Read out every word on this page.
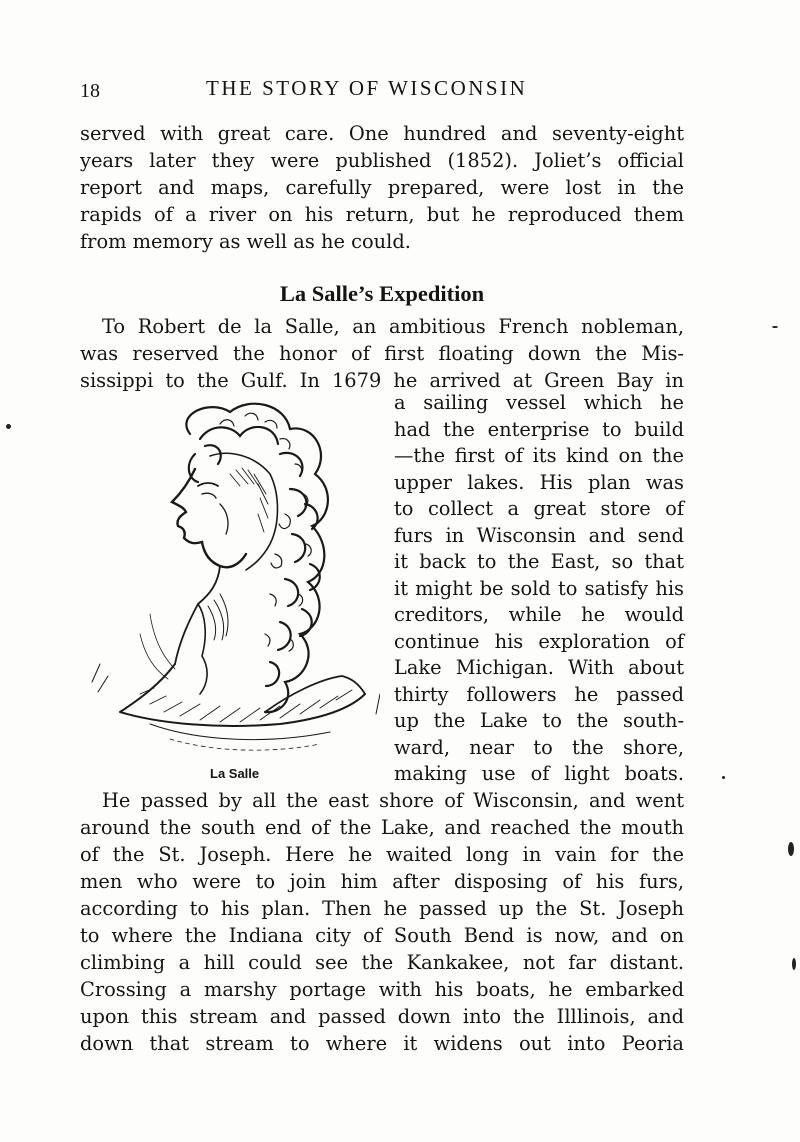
18	THE STORY OF WISCONSIN
served with great care. One hundred and seventy-eight
years later they were published (1852). Joliet’s official
report and maps, carefully prepared, were lost in the
rapids of a river on his return, but he reproduced them
from memory as well as he could.
La Salle’s Expedition
To Robert de la Salle, an ambitious French nobleman,
was reserved the honor of first floating down the Mis-
sissippi to the Gulf. In 1679 he arrived at Green Bay in
La Salle
a sailing vessel which he
had the enterprise to build
—the first of its kind on the
upper lakes. His plan was
to collect a great store of
furs in Wisconsin and send
it back to the East, so that
it might be sold to satisfy his
creditors, while he would
continue his exploration of
Lake Michigan. With about
thirty followers he passed
up the Lake to the south-
ward, near to the shore,
making use of light boats.
He passed by all the east shore of Wisconsin, and went
around the south end of the Lake, and reached the mouth
of the St. Joseph. Here he waited long in vain for the
men who were to join him after disposing of his furs,
according to his plan. Then he passed up the St. Joseph
to where the Indiana city of South Bend is now, and on
climbing a hill could see the Kankakee, not far distant.
Crossing a marshy portage with his boats, he embarked
upon this stream and passed down into the Illlinois, and
down that stream to where it widens out into Peoria
